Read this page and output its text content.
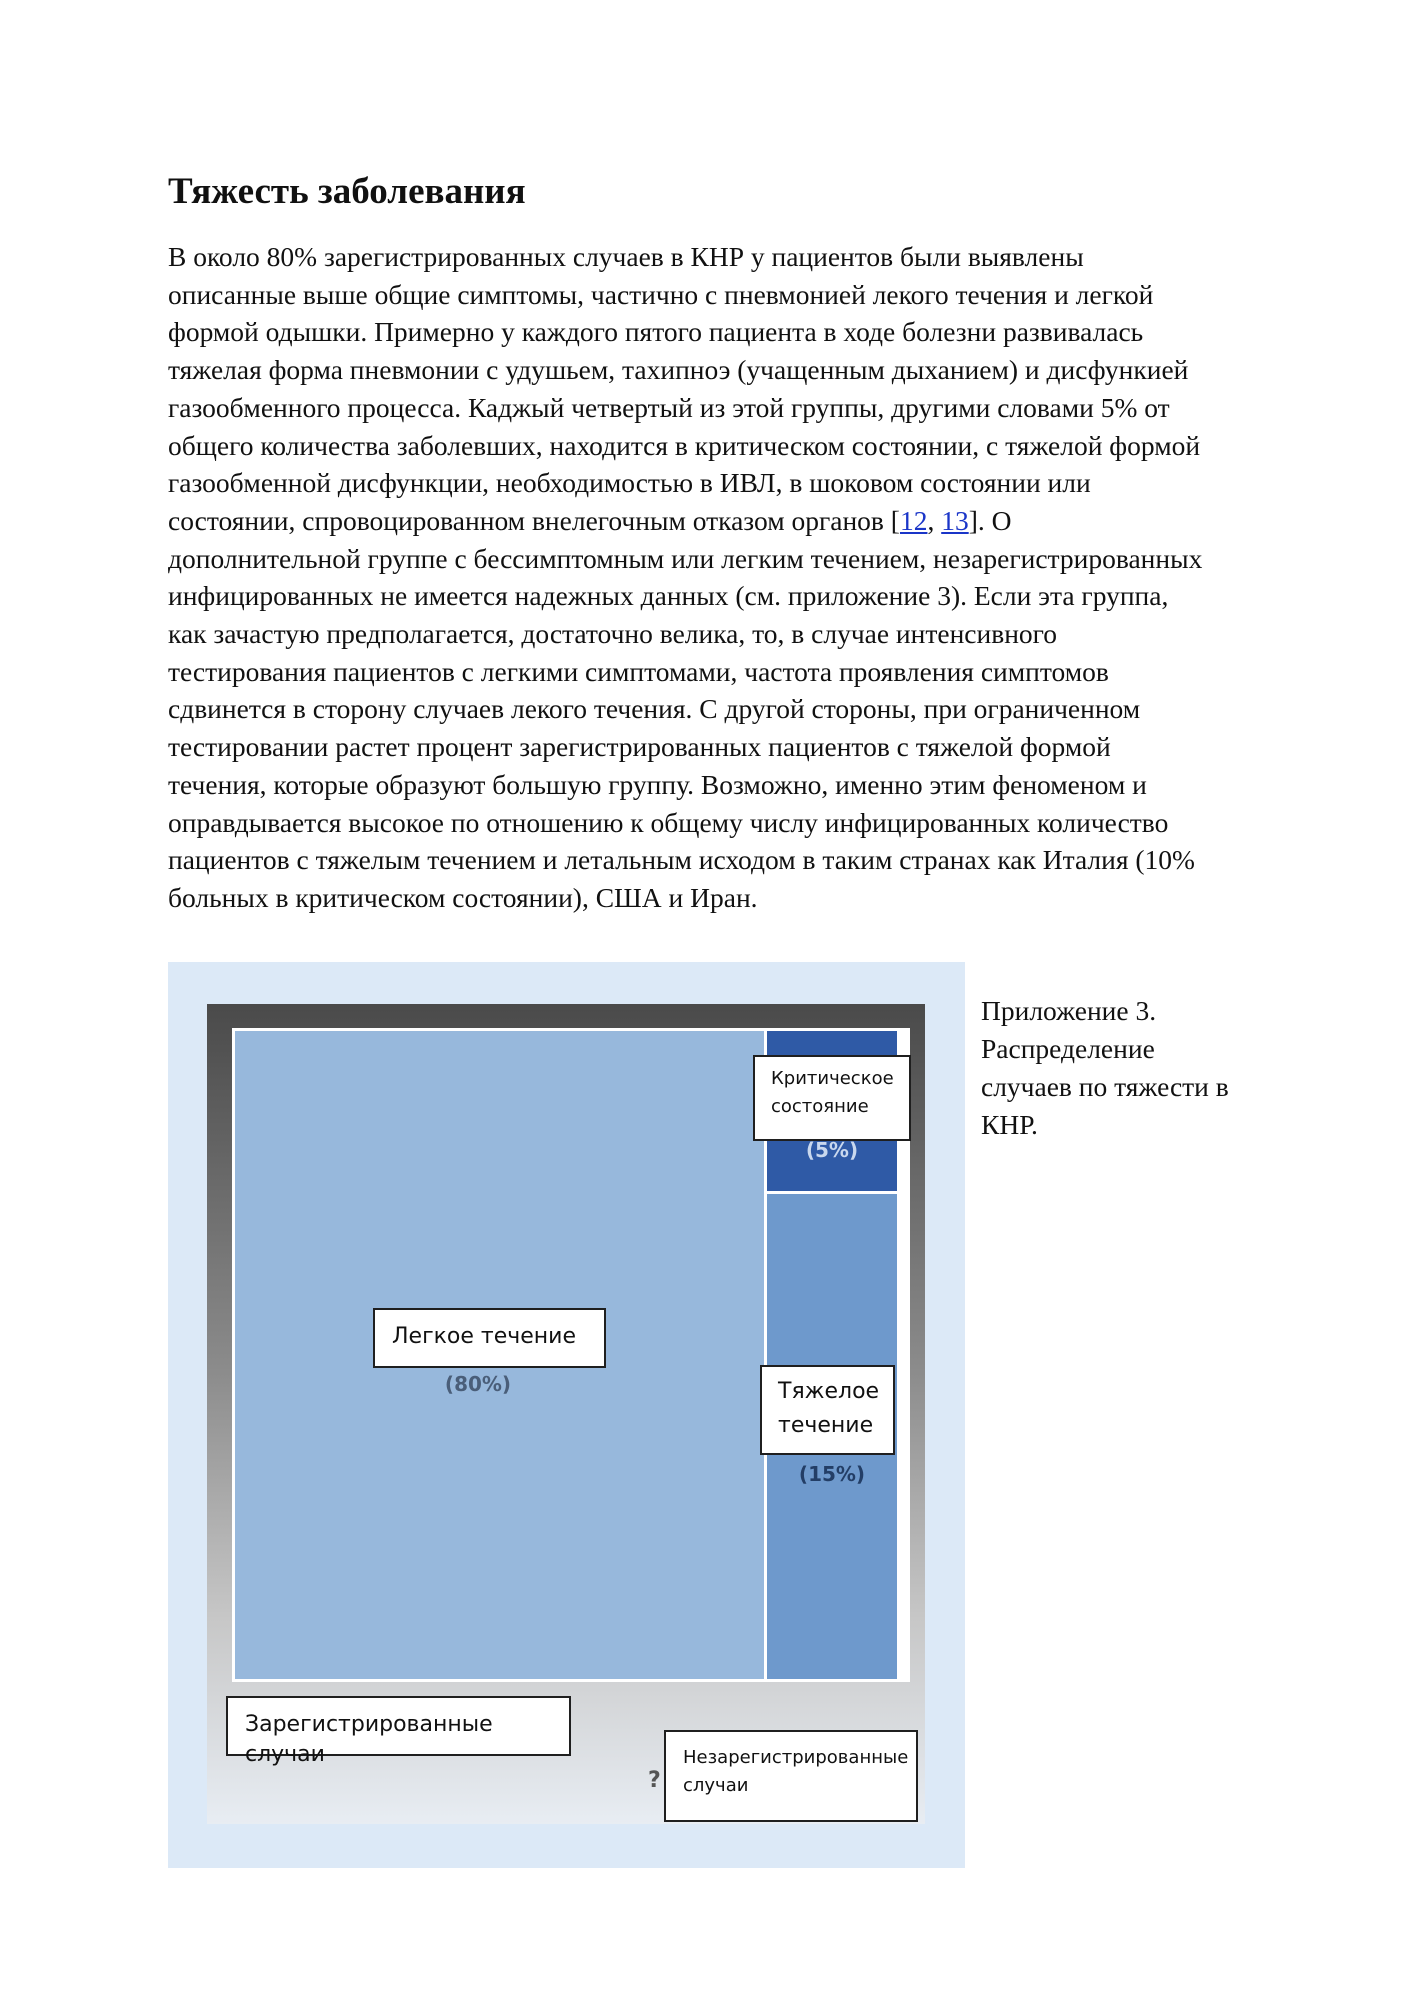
Тяжесть заболевания
В около 80% зарегистрированных случаев в КНР у пациентов были выявлены
описанные выше общие симптомы, частично с пневмонией лекого течения и легкой
формой одышки. Примерно у каждого пятого пациента в ходе болезни развивалась
тяжелая форма пневмонии с удушьем, тахипноэ (учащенным дыханием) и дисфункией
газообменного процесса. Каджый четвертый из этой группы, другими словами 5% от
общего количества заболевших, находится в критическом состоянии, с тяжелой формой
газообменной дисфункции, необходимостью в ИВЛ, в шоковом состоянии или
состоянии, спровоцированном внелегочным отказом органов [12, 13]. О
дополнительной группе с бессимптомным или легким течением, незарегистрированных
инфицированных не имеется надежных данных (см. приложение 3). Если эта группа,
как зачастую предполагается, достаточно велика, то, в случае интенсивного
тестирования пациентов с легкими симптомами, частота проявления симптомов
сдвинется в сторону случаев лекого течения. С другой стороны, при ограниченном
тестировании растет процент зарегистрированных пациентов с тяжелой формой
течения, которые образуют большую группу. Возможно, именно этим феноменом и
оправдывается высокое по отношению к общему числу инфицированных количество
пациентов с тяжелым течением и летальным исходом в таким странах как Италия (10%
больных в критическом состоянии), США и Иран.
Критическое
состояние
(5%)
Легкое течение
(80%)	Тяжелое
течение
(15%)
Зарегистрированные случаи
?
Незарегистрированные
случаи
Приложение 3.
Распределение
случаев по тяжести в
КНР.
